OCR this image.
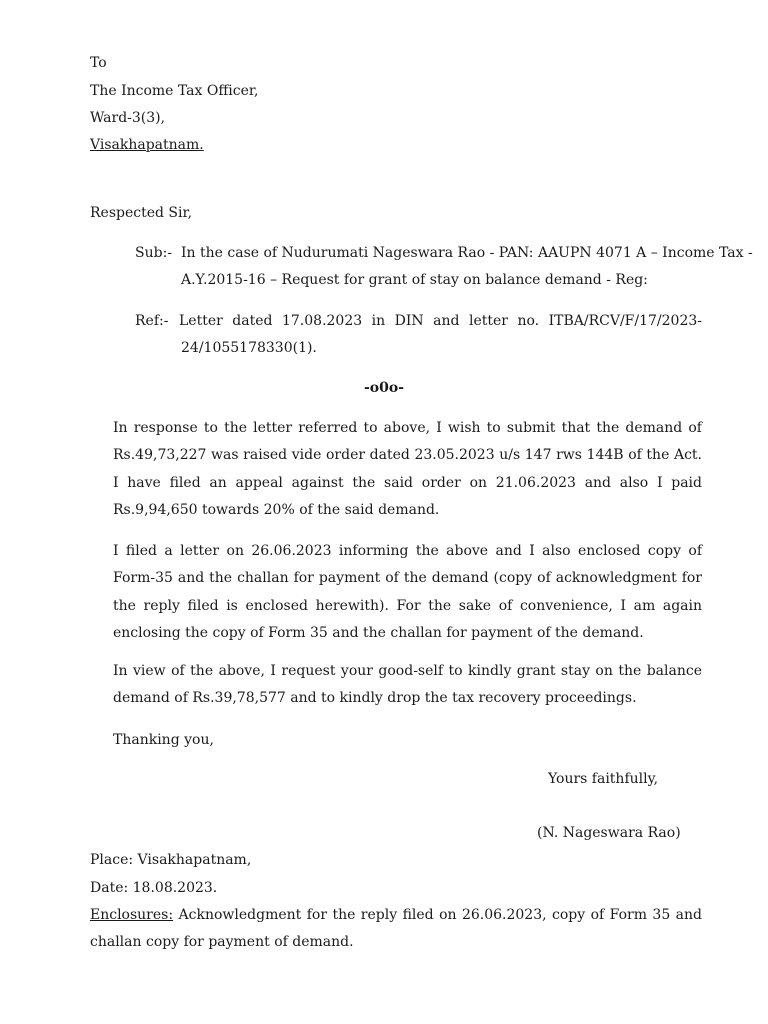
To
The Income Tax Officer,
Ward-3(3),
Visakhapatnam.
Respected Sir,
Sub:- In the case of Nudurumati Nageswara Rao - PAN: AAUPN 4071 A – Income Tax -
A.Y.2015-16 – Request for grant of stay on balance demand - Reg:
Ref:- Letter dated 17.08.2023 in DIN and letter no. ITBA/RCV/F/17/2023-
24/1055178330(1).
-o0o-
In response to the letter referred to above, I wish to submit that the demand of Rs.49,73,227 was raised vide order dated 23.05.2023 u/s 147 rws 144B of the Act. I have filed an appeal against the said order on 21.06.2023 and also I paid Rs.9,94,650 towards 20% of the said demand.
I filed a letter on 26.06.2023 informing the above and I also enclosed copy of Form-35 and the challan for payment of the demand (copy of acknowledgment for the reply filed is enclosed herewith). For the sake of convenience, I am again enclosing the copy of Form 35 and the challan for payment of the demand.
In view of the above, I request your good-self to kindly grant stay on the balance demand of Rs.39,78,577 and to kindly drop the tax recovery proceedings.
Thanking you,
Yours faithfully,
(N. Nageswara Rao)
Place: Visakhapatnam,
Date: 18.08.2023.
Enclosures: Acknowledgment for the reply filed on 26.06.2023, copy of Form 35 and challan copy for payment of demand.
